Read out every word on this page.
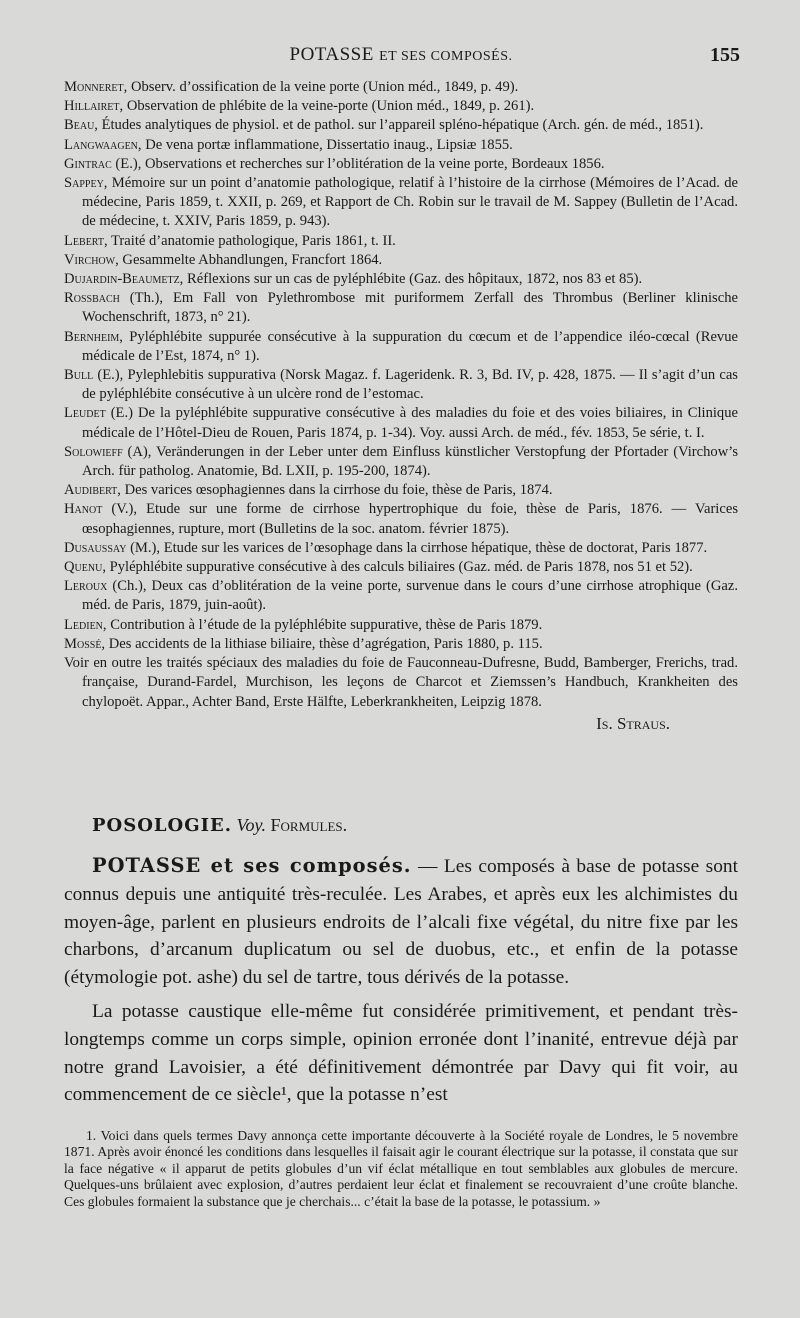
POTASSE ET SES COMPOSÉS.	155
Monneret, Observ. d’ossification de la veine porte (Union méd., 1849, p. 49).
Hillairet, Observation de phlébite de la veine-porte (Union méd., 1849, p. 261).
Beau, Études analytiques de physiol. et de pathol. sur l’appareil spléno-hépatique (Arch. gén. de méd., 1851).
Langwaagen, De vena portæ inflammatione, Dissertatio inaug., Lipsiæ 1855.
Gintrac (E.), Observations et recherches sur l’oblitération de la veine porte, Bordeaux 1856.
Sappey, Mémoire sur un point d’anatomie pathologique, relatif à l’histoire de la cirrhose (Mémoires de l’Acad. de médecine, Paris 1859, t. XXII, p. 269, et Rapport de Ch. Robin sur le travail de M. Sappey (Bulletin de l’Acad. de médecine, t. XXIV, Paris 1859, p. 943).
Lebert, Traité d’anatomie pathologique, Paris 1861, t. II.
Virchow, Gesammelte Abhandlungen, Francfort 1864.
Dujardin-Beaumetz, Réflexions sur un cas de pyléphlébite (Gaz. des hôpitaux, 1872, nos 83 et 85).
Rossbach (Th.), Em Fall von Pylethrombose mit puriformem Zerfall des Thrombus (Berliner klinische Wochenschrift, 1873, n° 21).
Bernheim, Pyléphlébite suppurée consécutive à la suppuration du cœcum et de l’appendice iléo-cœcal (Revue médicale de l’Est, 1874, n° 1).
Bull (E.), Pylephlebitis suppurativa (Norsk Magaz. f. Lageridenk. R. 3, Bd. IV, p. 428, 1875. — Il s’agit d’un cas de pyléphlébite consécutive à un ulcère rond de l’estomac.
Leudet (E.) De la pyléphlébite suppurative consécutive à des maladies du foie et des voies biliaires, in Clinique médicale de l’Hôtel-Dieu de Rouen, Paris 1874, p. 1-34). Voy. aussi Arch. de méd., fév. 1853, 5e série, t. I.
Solowieff (A), Veränderungen in der Leber unter dem Einfluss künstlicher Verstopfung der Pfortader (Virchow’s Arch. für patholog. Anatomie, Bd. LXII, p. 195-200, 1874).
Audibert, Des varices œsophagiennes dans la cirrhose du foie, thèse de Paris, 1874.
Hanot (V.), Etude sur une forme de cirrhose hypertrophique du foie, thèse de Paris, 1876. — Varices œsophagiennes, rupture, mort (Bulletins de la soc. anatom. février 1875).
Dusaussay (M.), Etude sur les varices de l’œsophage dans la cirrhose hépatique, thèse de doctorat, Paris 1877.
Quenu, Pyléphlébite suppurative consécutive à des calculs biliaires (Gaz. méd. de Paris 1878, nos 51 et 52).
Leroux (Ch.), Deux cas d’oblitération de la veine porte, survenue dans le cours d’une cirrhose atrophique (Gaz. méd. de Paris, 1879, juin-août).
Ledien, Contribution à l’étude de la pyléphlébite suppurative, thèse de Paris 1879.
Mossé, Des accidents de la lithiase biliaire, thèse d’agrégation, Paris 1880, p. 115.
Voir en outre les traités spéciaux des maladies du foie de Fauconneau-Dufresne, Budd, Bamberger, Frerichs, trad. française, Durand-Fardel, Murchison, les leçons de Charcot et Ziemssen’s Handbuch, Krankheiten des chylopoët. Appar., Achter Band, Erste Hälfte, Leberkrankheiten, Leipzig 1878.
Is. Straus.
POSOLOGIE. Voy. Formules.

POTASSE et ses composés. — Les composés à base de potasse sont connus depuis une antiquité très-reculée. Les Arabes, et après eux les alchimistes du moyen-âge, parlent en plusieurs endroits de l’alcali fixe végétal, du nitre fixe par les charbons, d’arcanum duplicatum ou sel de duobus, etc., et enfin de la potasse (étymologie pot. ashe) du sel de tartre, tous dérivés de la potasse.

La potasse caustique elle-même fut considérée primitivement, et pendant très-longtemps comme un corps simple, opinion erronée dont l’inanité, entrevue déjà par notre grand Lavoisier, a été définitivement démontrée par Davy qui fit voir, au commencement de ce siècle¹, que la potasse n’est

1. Voici dans quels termes Davy annonça cette importante découverte à la Société royale de Londres, le 5 novembre 1871. Après avoir énoncé les conditions dans lesquelles il faisait agir le courant électrique sur la potasse, il constata que sur la face négative « il apparut de petits globules d’un vif éclat métallique en tout semblables aux globules de mercure. Quelques-uns brûlaient avec explosion, d’autres perdaient leur éclat et finalement se recouvraient d’une croûte blanche. Ces globules formaient la substance que je cherchais... c’était la base de la potasse, le potassium. »
